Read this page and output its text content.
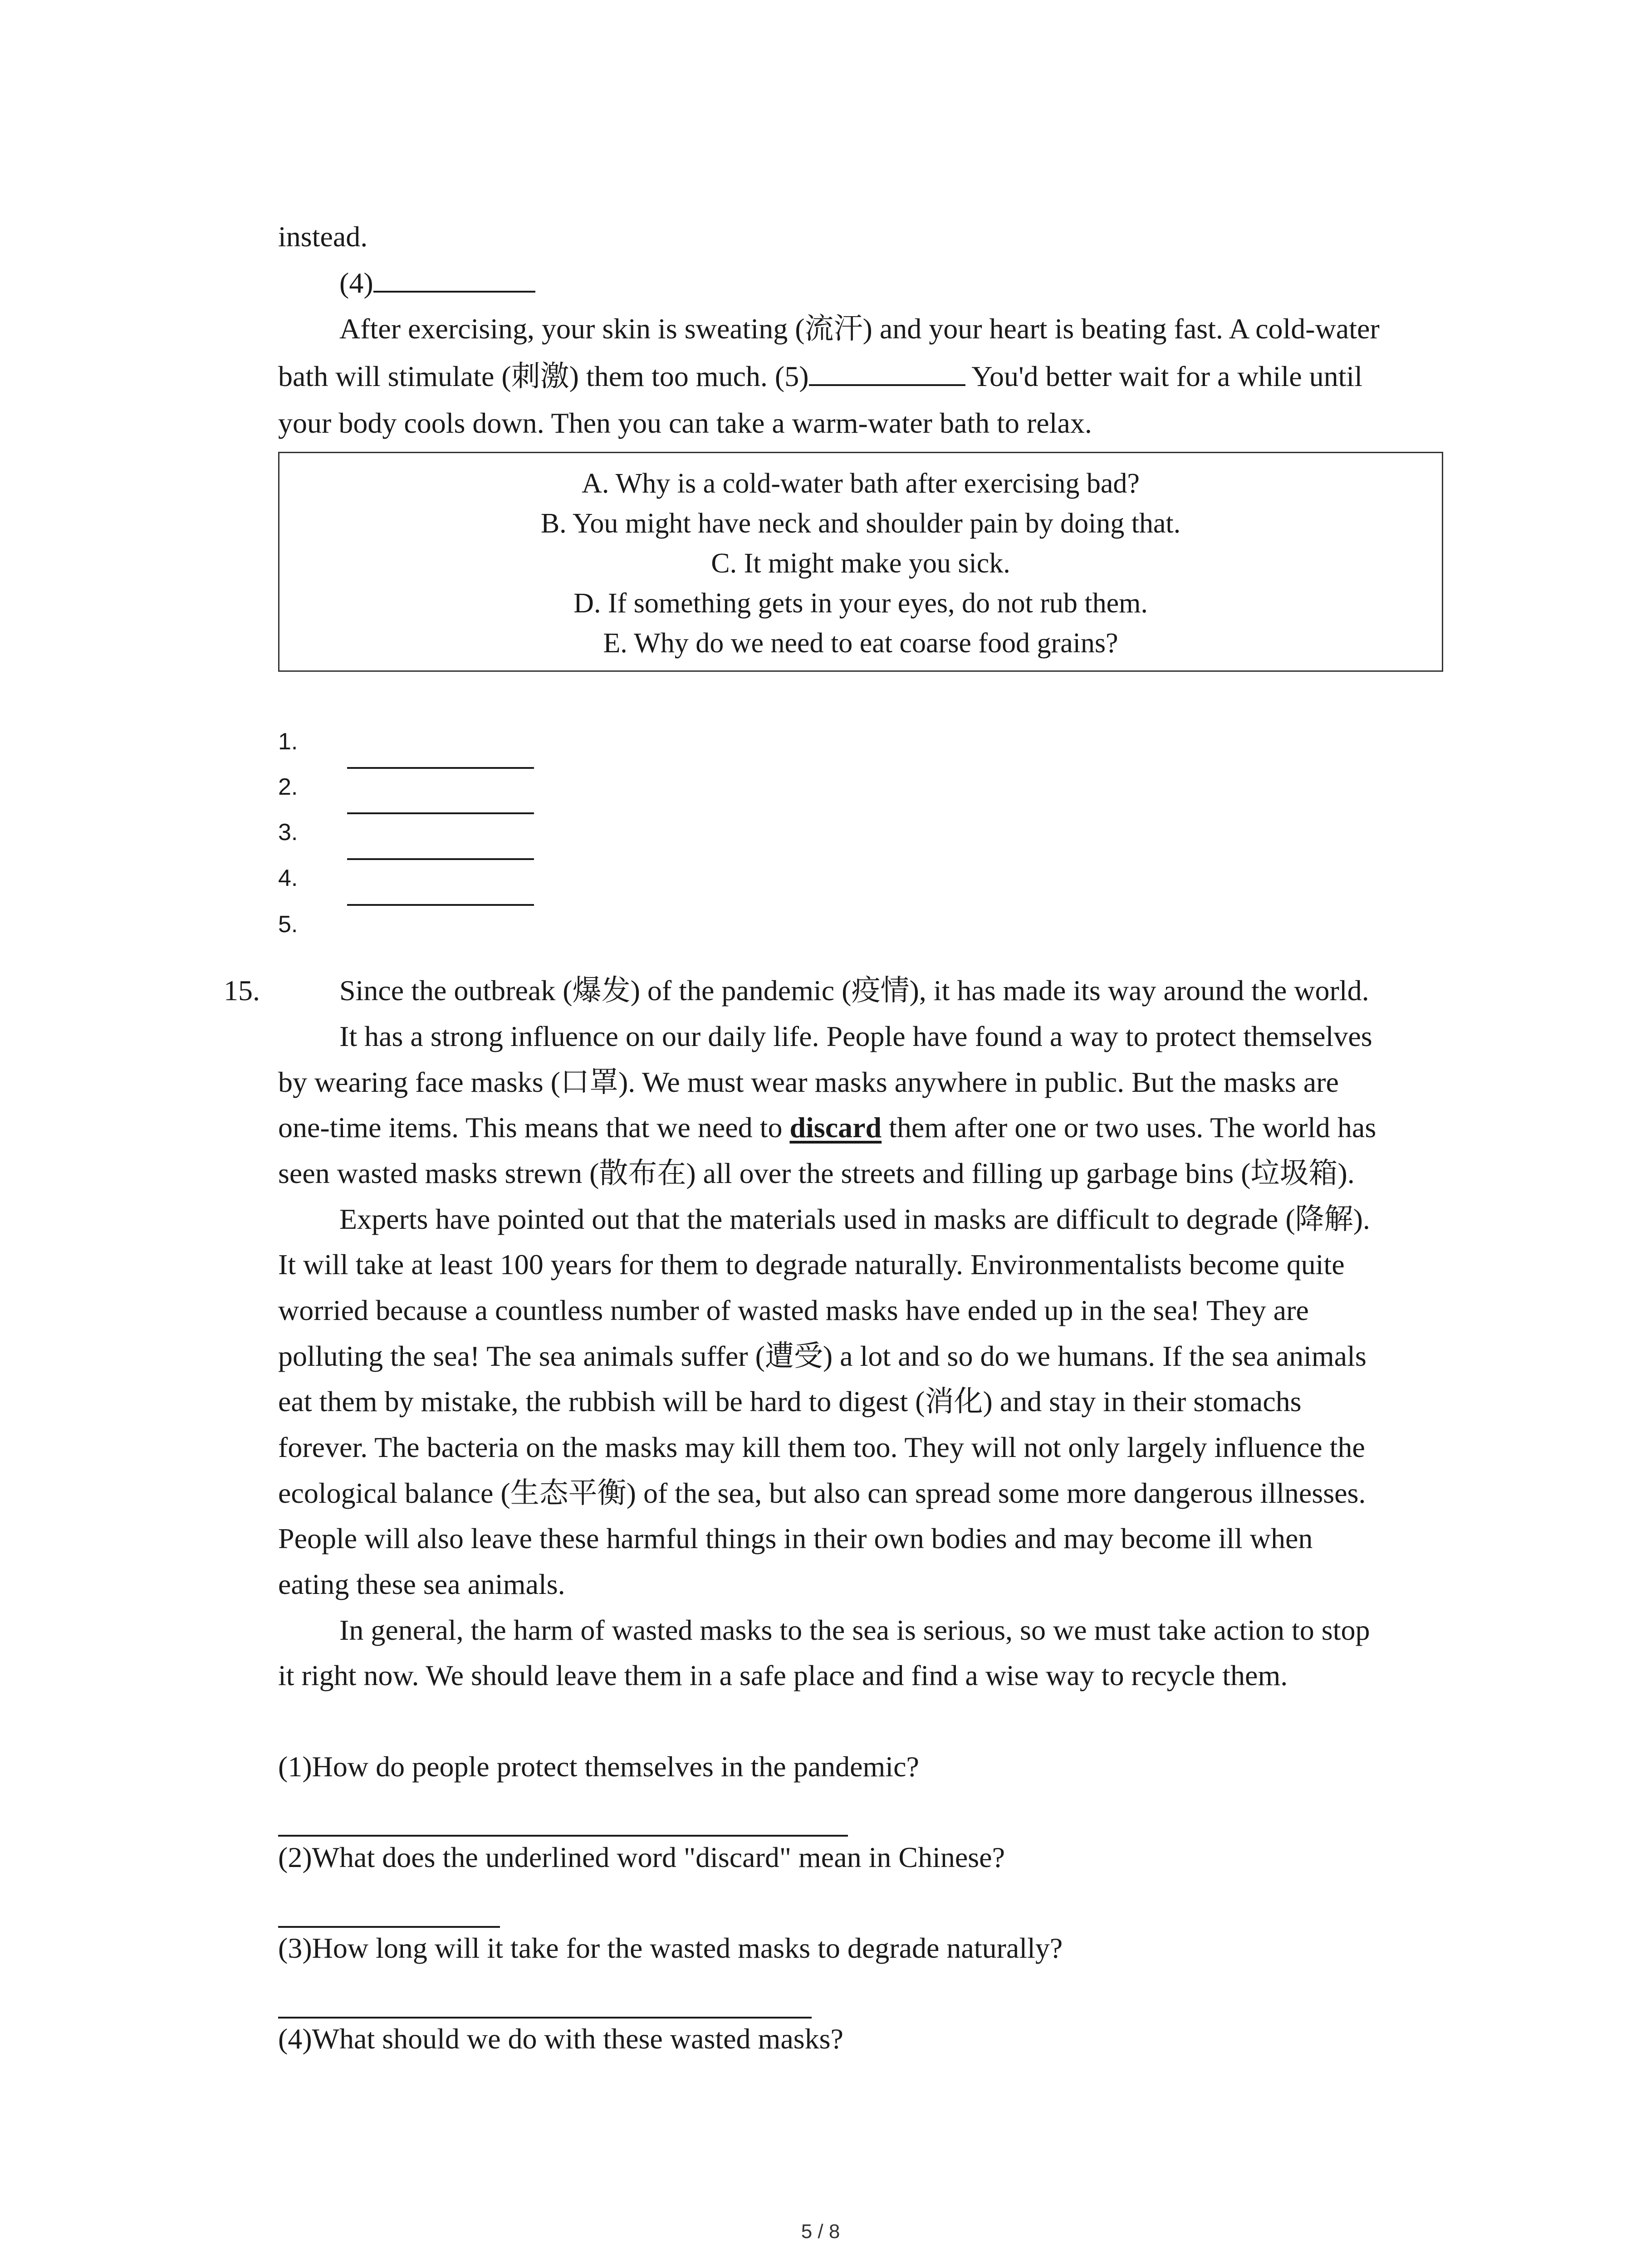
instead.
(4)
After exercising, your skin is sweating (流汗) and your heart is beating fast. A cold-water
bath will stimulate (刺激) them too much. (5)	You'd better wait for a while until
your body cools down. Then you can take a warm-water bath to relax.
A. Why is a cold-water bath after exercising bad?
B. You might have neck and shoulder pain by doing that.
C. It might make you sick.
D. If something gets in your eyes, do not rub them.
E. Why do we need to eat coarse food grains?
1.
2.
3.
4.
5.
15.	Since the outbreak (爆发) of the pandemic (疫情), it has made its way around the world.
It has a strong influence on our daily life. People have found a way to protect themselves
by wearing face masks (口罩). We must wear masks anywhere in public. But the masks are
one-time items. This means that we need to discard them after one or two uses. The world has
seen wasted masks strewn (散布在) all over the streets and filling up garbage bins (垃圾箱).
Experts have pointed out that the materials used in masks are difficult to degrade (降解).
It will take at least 100 years for them to degrade naturally. Environmentalists become quite
worried because a countless number of wasted masks have ended up in the sea! They are
polluting the sea! The sea animals suffer (遭受) a lot and so do we humans. If the sea animals
eat them by mistake, the rubbish will be hard to digest (消化) and stay in their stomachs
forever. The bacteria on the masks may kill them too. They will not only largely influence the
ecological balance (生态平衡) of the sea, but also can spread some more dangerous illnesses.
People will also leave these harmful things in their own bodies and may become ill when
eating these sea animals.
In general, the harm of wasted masks to the sea is serious, so we must take action to stop
it right now. We should leave them in a safe place and find a wise way to recycle them.
(1)How do people protect themselves in the pandemic?
(2)What does the underlined word "discard" mean in Chinese?
(3)How long will it take for the wasted masks to degrade naturally?
(4)What should we do with these wasted masks?
5 / 8
